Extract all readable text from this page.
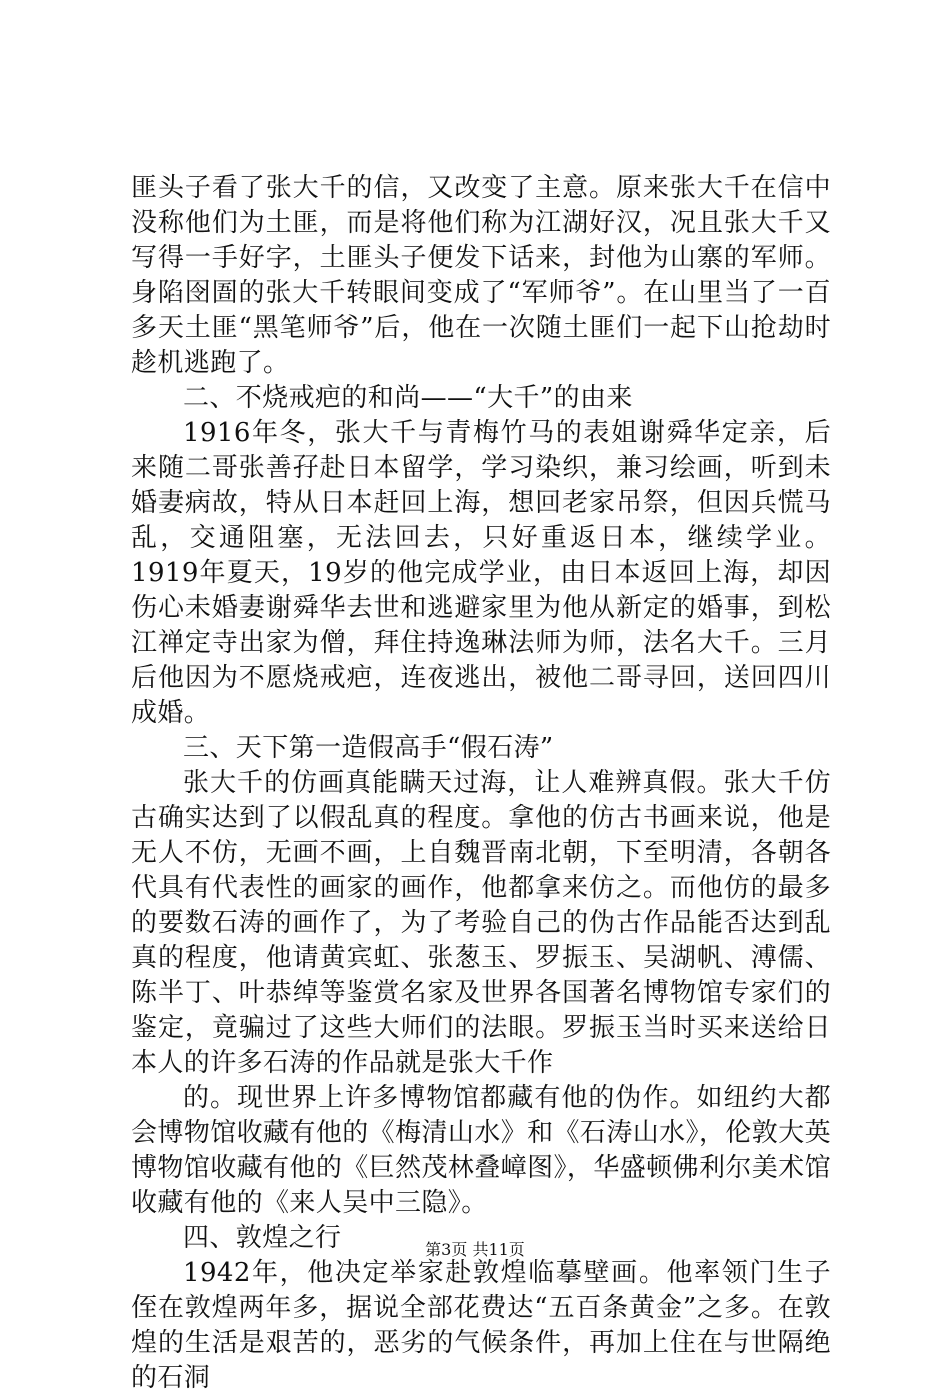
匪头子看了张大千的信，又改变了主意。原来张大千在信中没称他们为土匪，而是将他们称为江湖好汉，况且张大千又写得一手好字，土匪头子便发下话来，封他为山寨的军师。身陷囹圄的张大千转眼间变成了“军师爷”。在山里当了一百多天土匪“黑笔师爷”后，他在一次随土匪们一起下山抢劫时趁机逃跑了。

二、不烧戒疤的和尚——“大千”的由来

1916年冬，张大千与青梅竹马的表姐谢舜华定亲，后来随二哥张善孖赴日本留学，学习染织，兼习绘画，听到未婚妻病故，特从日本赶回上海，想回老家吊祭，但因兵慌马乱，交通阻塞，无法回去，只好重返日本，继续学业。1919年夏天，19岁的他完成学业，由日本返回上海，却因伤心未婚妻谢舜华去世和逃避家里为他从新定的婚事，到松江禅定寺出家为僧，拜住持逸琳法师为师，法名大千。三月后他因为不愿烧戒疤，连夜逃出，被他二哥寻回，送回四川成婚。

三、天下第一造假高手“假石涛”

张大千的仿画真能瞒天过海，让人难辨真假。张大千仿古确实达到了以假乱真的程度。拿他的仿古书画来说，他是无人不仿，无画不画，上自魏晋南北朝，下至明清，各朝各代具有代表性的画家的画作，他都拿来仿之。而他仿的最多的要数石涛的画作了，为了考验自己的伪古作品能否达到乱真的程度，他请黄宾虹、张葱玉、罗振玉、吴湖帆、溥儒、陈半丁、叶恭绰等鉴赏名家及世界各国著名博物馆专家们的鉴定，竟骗过了这些大师们的法眼。罗振玉当时买来送给日本人的许多石涛的作品就是张大千作

的。现世界上许多博物馆都藏有他的伪作。如纽约大都会博物馆收藏有他的《梅清山水》和《石涛山水》，伦敦大英博物馆收藏有他的《巨然茂林叠嶂图》，华盛顿佛利尔美术馆收藏有他的《来人吴中三隐》。

四、敦煌之行

1942年，他决定举家赴敦煌临摹壁画。他率领门生子侄在敦煌两年多，据说全部花费达“五百条黄金”之多。在敦煌的生活是艰苦的，恶劣的气候条件，再加上住在与世隔绝的石洞

第3页 共11页
